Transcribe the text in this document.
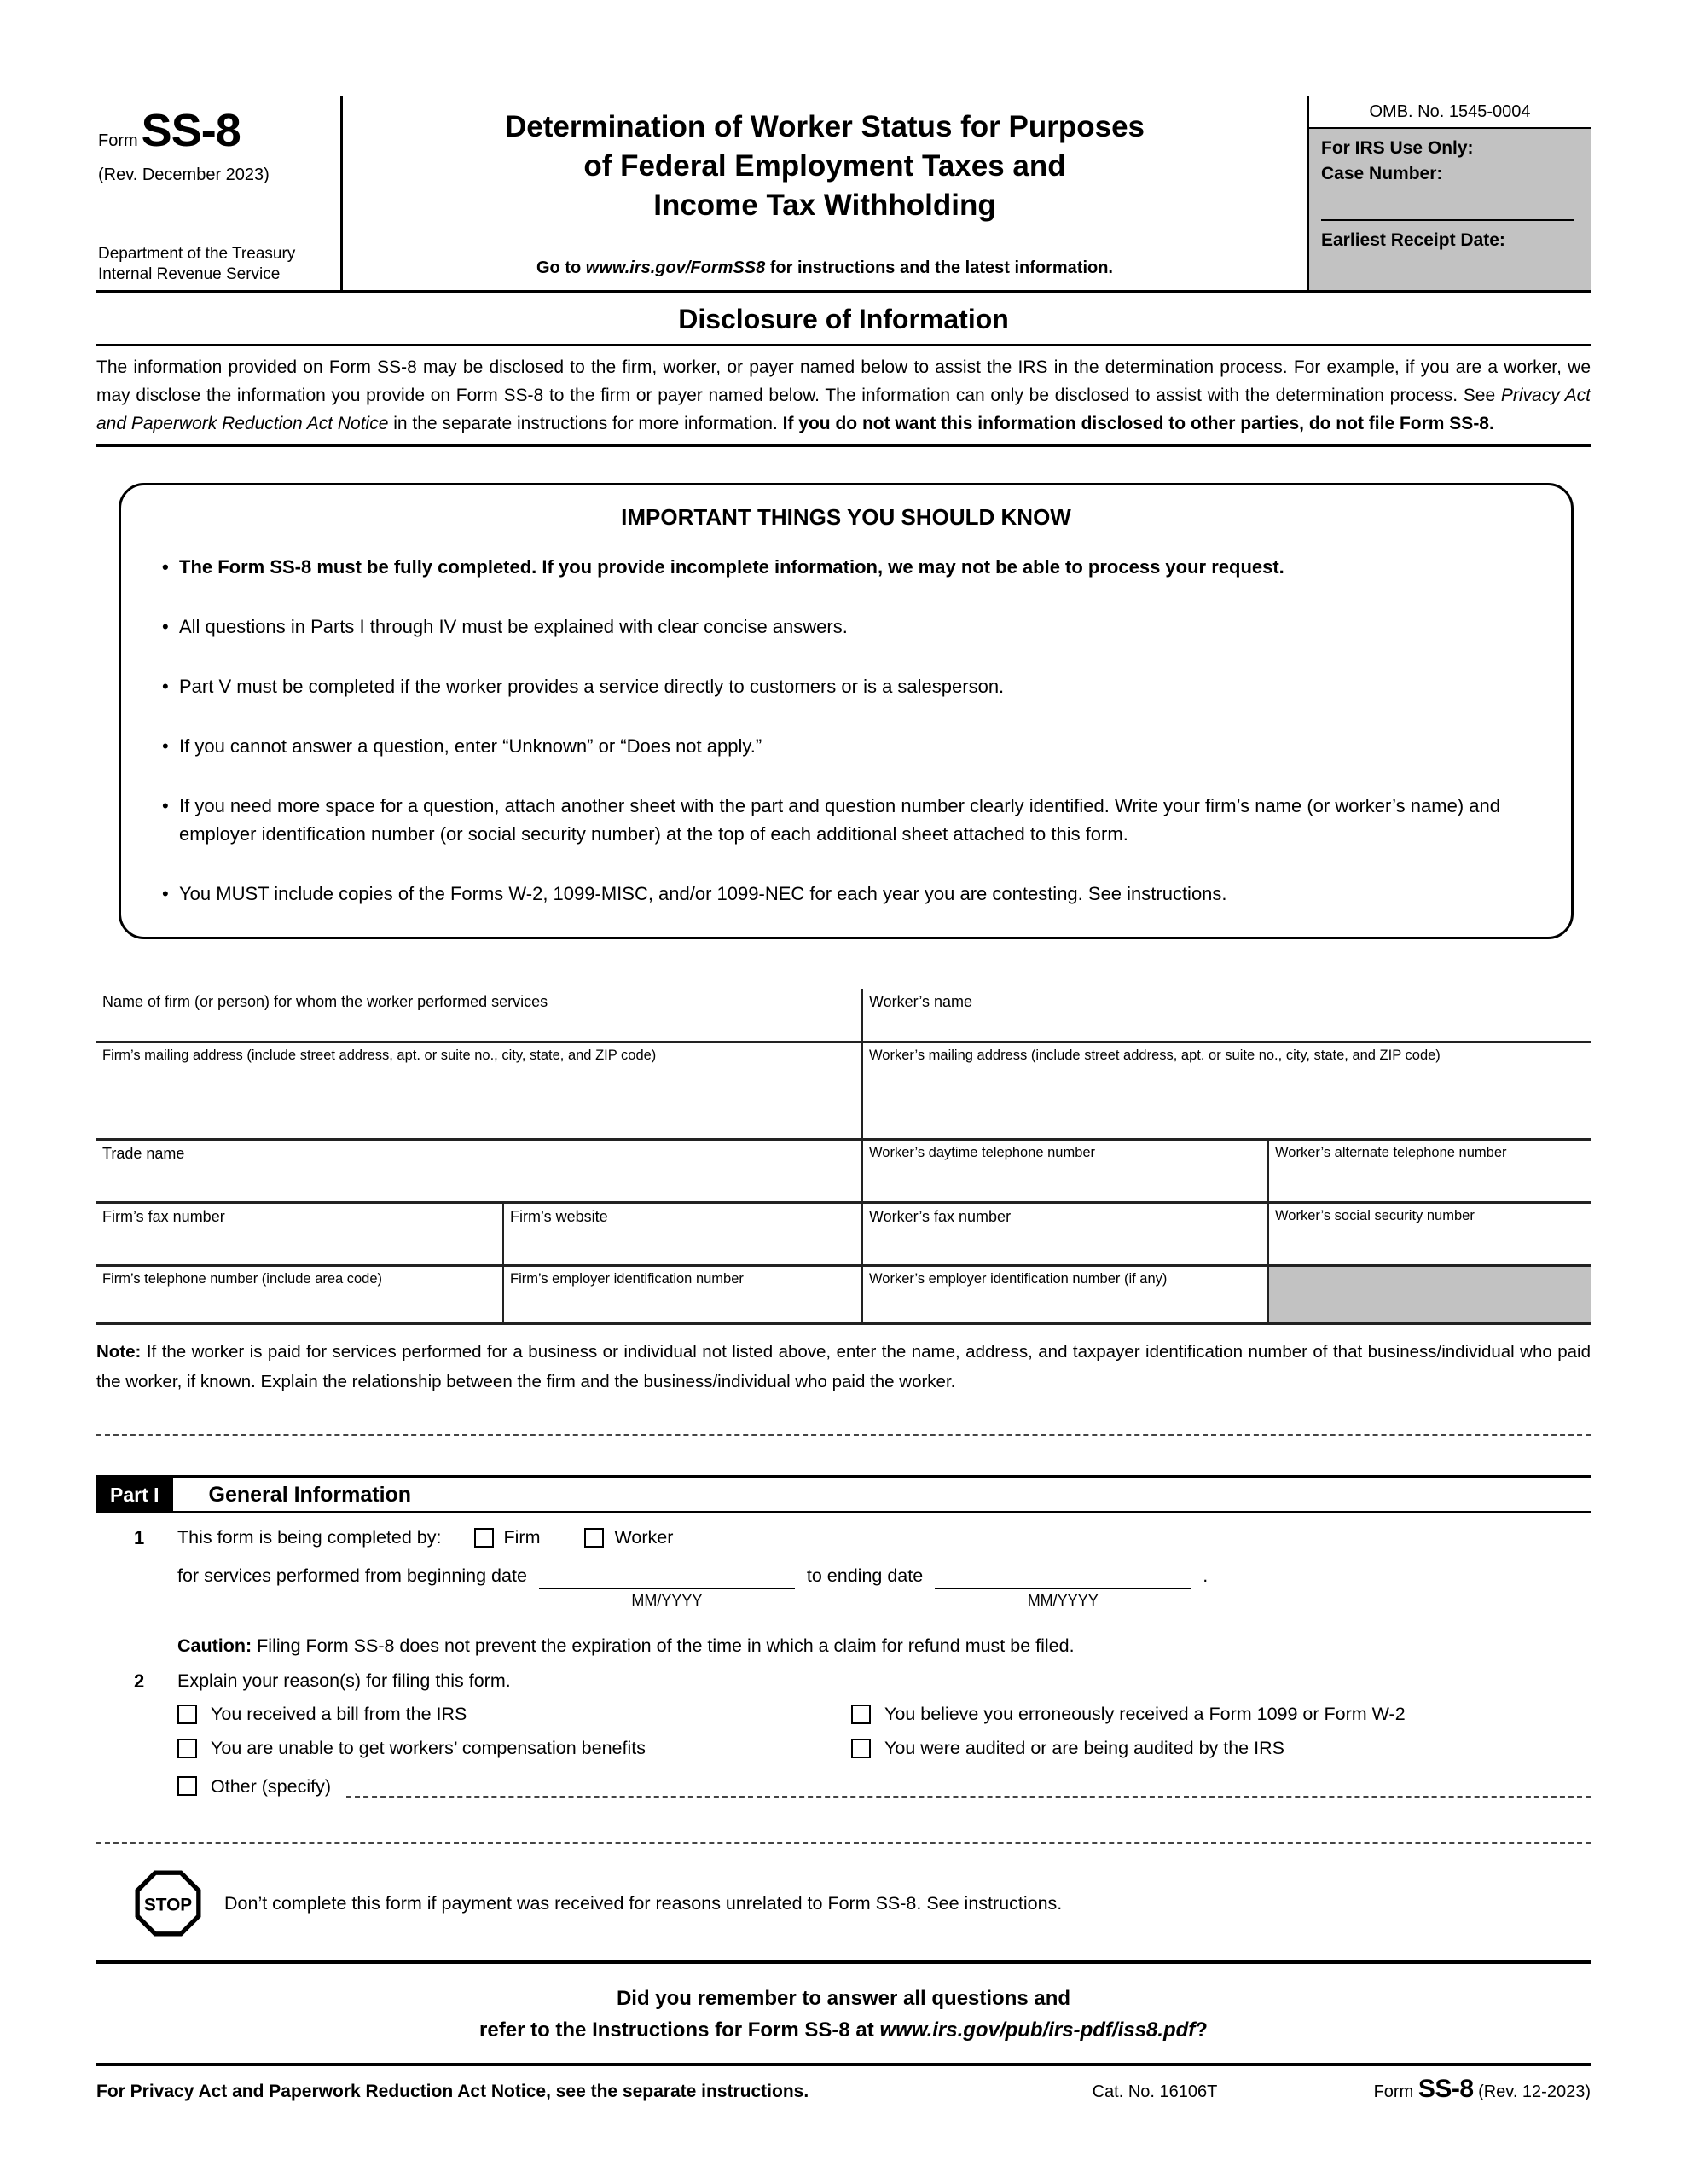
Form SS-8
(Rev. December 2023)
Department of the Treasury
Internal Revenue Service
Determination of Worker Status for Purposes
of Federal Employment Taxes and
Income Tax Withholding
Go to www.irs.gov/FormSS8 for instructions and the latest information.
OMB. No. 1545-0004
For IRS Use Only:
Case Number:
Earliest Receipt Date:
Disclosure of Information

The information provided on Form SS-8 may be disclosed to the firm, worker, or payer named below to assist the IRS in the determination process. For example, if you are a worker, we may disclose the information you provide on Form SS-8 to the firm or payer named below. The information can only be disclosed to assist with the determination process. See Privacy Act and Paperwork Reduction Act Notice in the separate instructions for more information. If you do not want this information disclosed to other parties, do not file Form SS-8.

IMPORTANT THINGS YOU SHOULD KNOW
• The Form SS-8 must be fully completed. If you provide incomplete information, we may not be able to process your request.
• All questions in Parts I through IV must be explained with clear concise answers.
• Part V must be completed if the worker provides a service directly to customers or is a salesperson.
• If you cannot answer a question, enter “Unknown” or “Does not apply.”
• If you need more space for a question, attach another sheet with the part and question number clearly identified. Write your firm’s name (or worker’s name) and employer identification number (or social security number) at the top of each additional sheet attached to this form.
• You MUST include copies of the Forms W-2, 1099-MISC, and/or 1099-NEC for each year you are contesting. See instructions.
Name of firm (or person) for whom the worker performed services	Worker’s name
Firm’s mailing address (include street address, apt. or suite no., city, state, and ZIP code)	Worker’s mailing address (include street address, apt. or suite no., city, state, and ZIP code)
Trade name	Worker’s daytime telephone number	Worker’s alternate telephone number
Firm’s fax number	Firm’s website	Worker’s fax number	Worker’s social security number
Firm’s telephone number (include area code)	Firm’s employer identification number	Worker’s employer identification number (if any)

Note: If the worker is paid for services performed for a business or individual not listed above, enter the name, address, and taxpayer identification number of that business/individual who paid the worker, if known. Explain the relationship between the firm and the business/individual who paid the worker.

Part I	General Information
1	This form is being completed by:	Firm	Worker
for services performed from beginning date
MM/YYYY
to ending date
MM/YYYY
.
Caution: Filing Form SS-8 does not prevent the expiration of the time in which a claim for refund must be filed.
2	Explain your reason(s) for filing this form.
You received a bill from the IRS	You believe you erroneously received a Form 1099 or Form W-2
You are unable to get workers’ compensation benefits	You were audited or are being audited by the IRS
Other (specify)
STOP Don’t complete this form if payment was received for reasons unrelated to Form SS-8. See instructions.
Did you remember to answer all questions and
refer to the Instructions for Form SS-8 at www.irs.gov/pub/irs-pdf/iss8.pdf?
For Privacy Act and Paperwork Reduction Act Notice, see the separate instructions.	Cat. No. 16106T	Form SS-8 (Rev. 12-2023)
